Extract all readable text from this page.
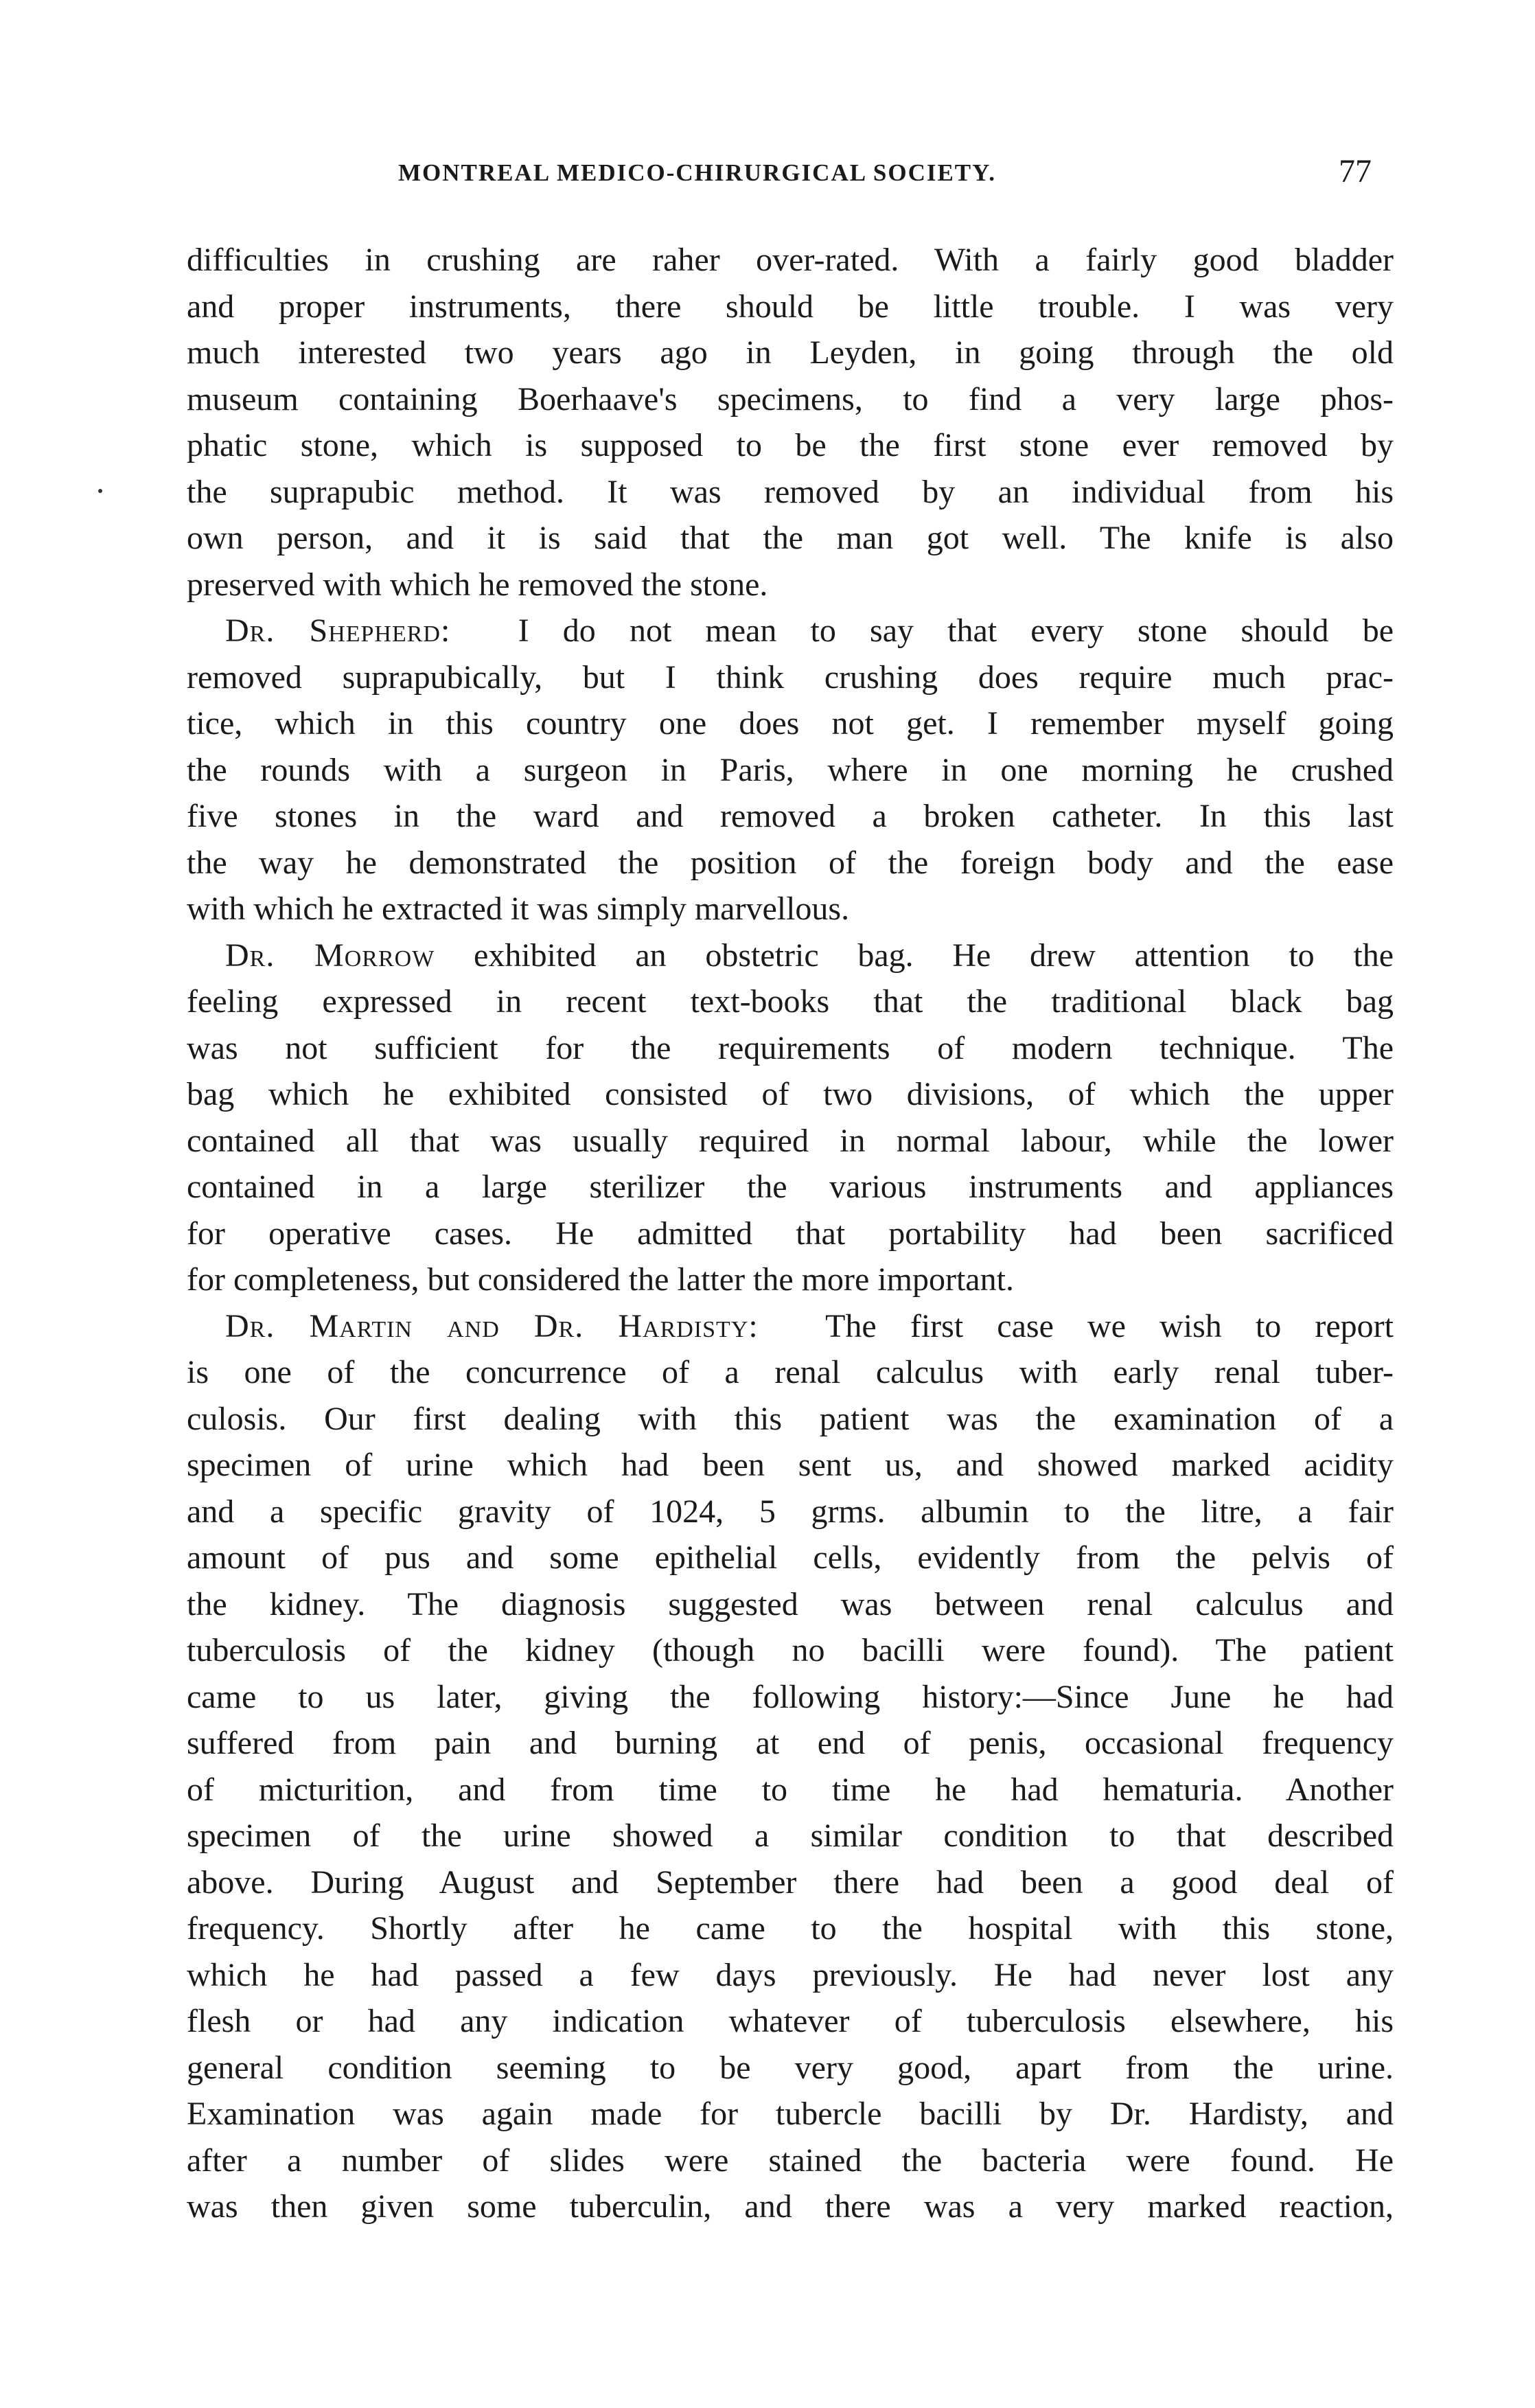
MONTREAL MEDICO-CHIRURGICAL SOCIETY.	77

difficulties in crushing are raher over-rated. With a fairly good bladder
and proper instruments, there should be little trouble. I was very
much interested two years ago in Leyden, in going through the old
museum containing Boerhaave's specimens, to find a very large phos-
phatic stone, which is supposed to be the first stone ever removed by
the suprapubic method. It was removed by an individual from his
own person, and it is said that the man got well. The knife is also
preserved with which he removed the stone.

Dr. Shepherd: I do not mean to say that every stone should be
removed suprapubically, but I think crushing does require much prac-
tice, which in this country one does not get. I remember myself going
the rounds with a surgeon in Paris, where in one morning he crushed
five stones in the ward and removed a broken catheter. In this last
the way he demonstrated the position of the foreign body and the ease
with which he extracted it was simply marvellous.

Dr. Morrow exhibited an obstetric bag. He drew attention to the
feeling expressed in recent text-books that the traditional black bag
was not sufficient for the requirements of modern technique. The
bag which he exhibited consisted of two divisions, of which the upper
contained all that was usually required in normal labour, while the lower
contained in a large sterilizer the various instruments and appliances
for operative cases. He admitted that portability had been sacrificed
for completeness, but considered the latter the more important.

Dr. Martin and Dr. Hardisty: The first case we wish to report
is one of the concurrence of a renal calculus with early renal tuber-
culosis. Our first dealing with this patient was the examination of a
specimen of urine which had been sent us, and showed marked acidity
and a specific gravity of 1024, 5 grms. albumin to the litre, a fair
amount of pus and some epithelial cells, evidently from the pelvis of
the kidney. The diagnosis suggested was between renal calculus and
tuberculosis of the kidney (though no bacilli were found). The patient
came to us later, giving the following history:—Since June he had
suffered from pain and burning at end of penis, occasional frequency
of micturition, and from time to time he had hematuria. Another
specimen of the urine showed a similar condition to that described
above. During August and September there had been a good deal of
frequency. Shortly after he came to the hospital with this stone,
which he had passed a few days previously. He had never lost any
flesh or had any indication whatever of tuberculosis elsewhere, his
general condition seeming to be very good, apart from the urine.
Examination was again made for tubercle bacilli by Dr. Hardisty, and
after a number of slides were stained the bacteria were found. He
was then given some tuberculin, and there was a very marked reaction,
